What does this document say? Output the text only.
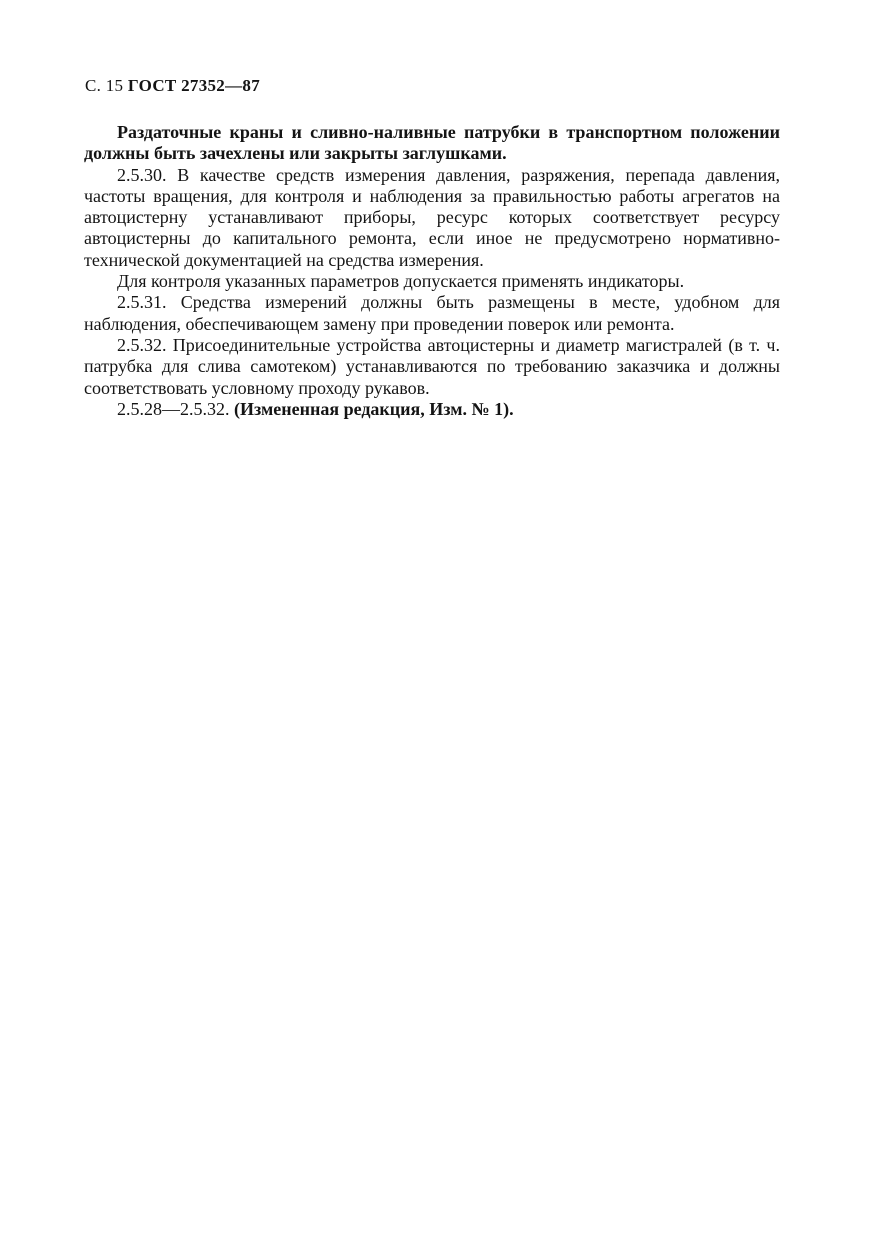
С. 15 ГОСТ 27352—87

Раздаточные краны и сливно-наливные патрубки в транспортном положении должны быть зачехлены или закрыты заглушками.

2.5.30. В качестве средств измерения давления, разряжения, перепада давления, частоты вращения, для контроля и наблюдения за правильностью работы агрегатов на автоцистерну устанавливают приборы, ресурс которых соответствует ресурсу автоцистерны до капитального ремонта, если иное не предусмотрено нормативно-технической документацией на средства измерения.

Для контроля указанных параметров допускается применять индикаторы.

2.5.31. Средства измерений должны быть размещены в месте, удобном для наблюдения, обеспечивающем замену при проведении поверок или ремонта.

2.5.32. Присоединительные устройства автоцистерны и диаметр магистралей (в т. ч. патрубка для слива самотеком) устанавливаются по требованию заказчика и должны соответствовать условному проходу рукавов.

2.5.28—2.5.32. (Измененная редакция, Изм. № 1).
